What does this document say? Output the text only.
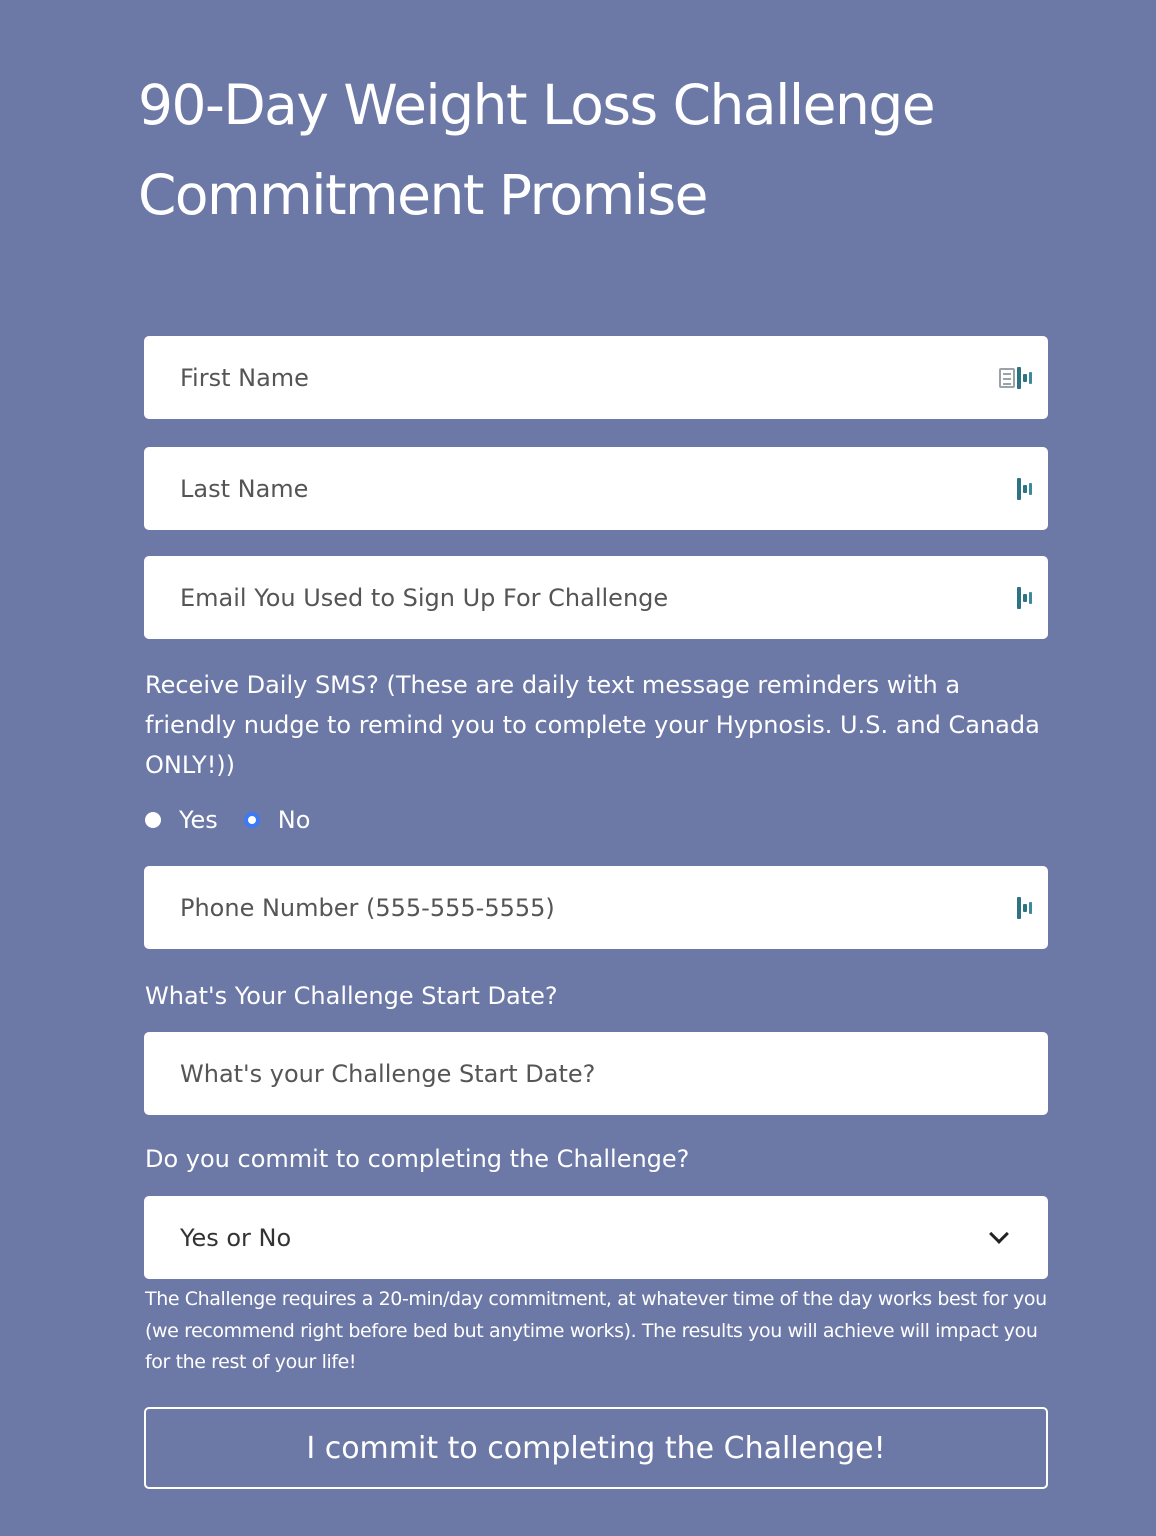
90-Day Weight Loss Challenge
Commitment Promise
First Name
Last Name
Email You Used to Sign Up For Challenge

Receive Daily SMS? (These are daily text message reminders with a friendly nudge to remind you to complete your Hypnosis. U.S. and Canada ONLY!))

Yes	No
Phone Number (555-555-5555)

What's Your Challenge Start Date?

What's your Challenge Start Date?

Do you commit to completing the Challenge?

Yes or No

The Challenge requires a 20-min/day commitment, at whatever time of the day works best for you (we recommend right before bed but anytime works). The results you will achieve will impact you for the rest of your life!

I commit to completing the Challenge!
